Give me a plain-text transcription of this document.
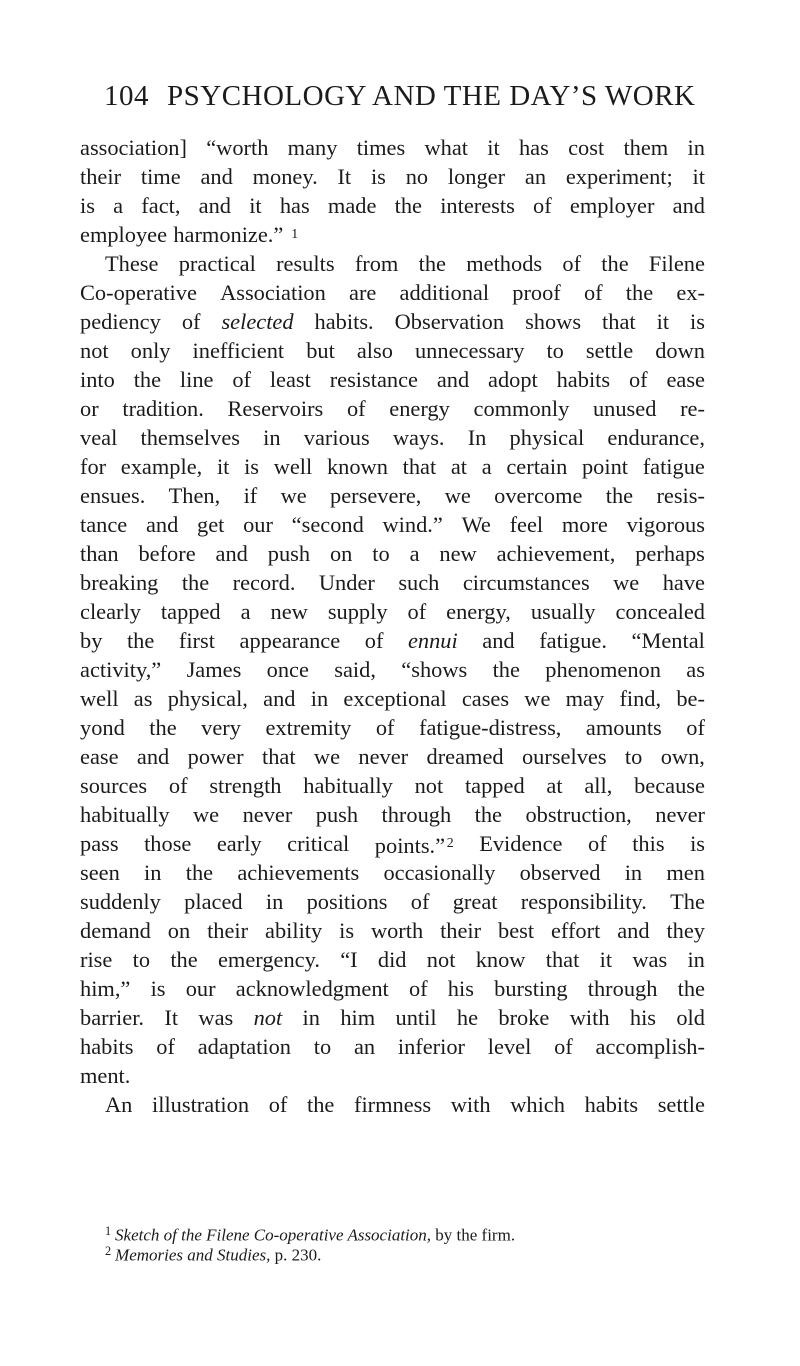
104 PSYCHOLOGY AND THE DAY’S WORK
association] “worth many times what it has cost them in
their time and money. It is no longer an experiment; it
is a fact, and it has made the interests of employer and
employee harmonize.” 1
These practical results from the methods of the Filene
Co-operative Association are additional proof of the ex-
pediency of selected habits. Observation shows that it is
not only inefficient but also unnecessary to settle down
into the line of least resistance and adopt habits of ease
or tradition. Reservoirs of energy commonly unused re-
veal themselves in various ways. In physical endurance,
for example, it is well known that at a certain point fatigue
ensues. Then, if we persevere, we overcome the resis-
tance and get our “second wind.” We feel more vigorous
than before and push on to a new achievement, perhaps
breaking the record. Under such circumstances we have
clearly tapped a new supply of energy, usually concealed
by the first appearance of ennui and fatigue. “Mental
activity,” James once said, “shows the phenomenon as
well as physical, and in exceptional cases we may find, be-
yond the very extremity of fatigue-distress, amounts of
ease and power that we never dreamed ourselves to own,
sources of strength habitually not tapped at all, because
habitually we never push through the obstruction, never
pass those early critical points.” $^2$ Evidence of this is
seen in the achievements occasionally observed in men
suddenly placed in positions of great responsibility. The
demand on their ability is worth their best effort and they
rise to the emergency. “I did not know that it was in
him,” is our acknowledgment of his bursting through the
barrier. It was not in him until he broke with his old
habits of adaptation to an inferior level of accomplish-
ment.
An illustration of the firmness with which habits settle
$^1$ Sketch of the Filene Co-operative Association, by the firm.
$^2$ Memories and Studies, p. 230.
